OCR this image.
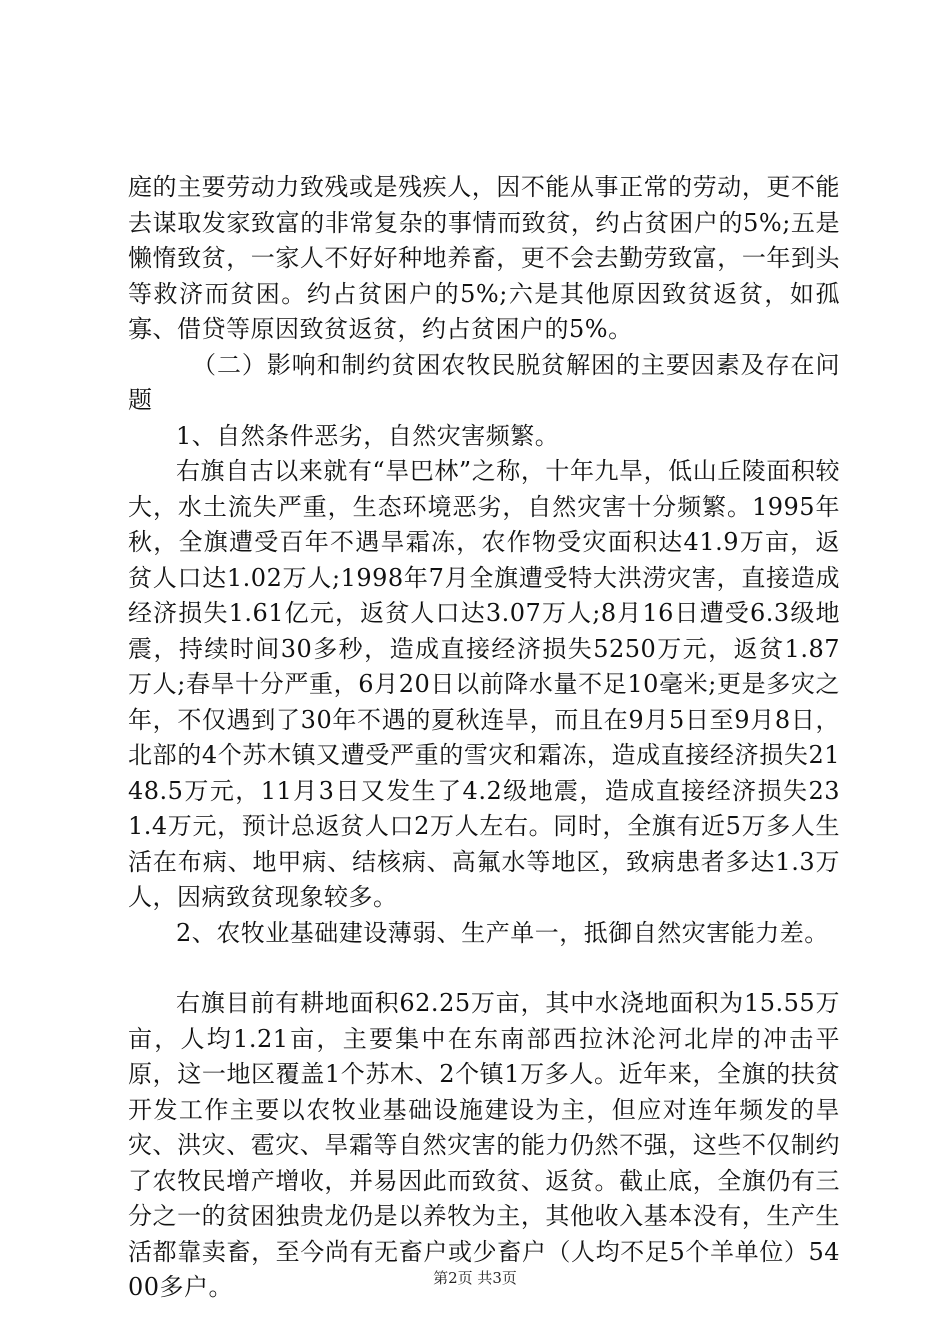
庭的主要劳动力致残或是残疾人，因不能从事正常的劳动，更不能去谋取发家致富的非常复杂的事情而致贫，约占贫困户的5%;五是懒惰致贫，一家人不好好种地养畜，更不会去勤劳致富，一年到头等救济而贫困。约占贫困户的5%;六是其他原因致贫返贫，如孤寡、借贷等原因致贫返贫，约占贫困户的5%。

（二）影响和制约贫困农牧民脱贫解困的主要因素及存在问题

1、自然条件恶劣，自然灾害频繁。

右旗自古以来就有“旱巴林”之称，十年九旱，低山丘陵面积较大，水土流失严重，生态环境恶劣，自然灾害十分频繁。1995年秋，全旗遭受百年不遇旱霜冻，农作物受灾面积达41.9万亩，返贫人口达1.02万人;1998年7月全旗遭受特大洪涝灾害，直接造成经济损失1.61亿元，返贫人口达3.07万人;8月16日遭受6.3级地震，持续时间30多秒，造成直接经济损失5250万元，返贫1.87万人;春旱十分严重，6月20日以前降水量不足10毫米;更是多灾之年，不仅遇到了30年不遇的夏秋连旱，而且在9月5日至9月8日，北部的4个苏木镇又遭受严重的雪灾和霜冻，造成直接经济损失2148.5万元，11月3日又发生了4.2级地震，造成直接经济损失231.4万元，预计总返贫人口2万人左右。同时，全旗有近5万多人生活在布病、地甲病、结核病、高氟水等地区，致病患者多达1.3万人，因病致贫现象较多。

2、农牧业基础建设薄弱、生产单一，抵御自然灾害能力差。

右旗目前有耕地面积62.25万亩，其中水浇地面积为15.55万亩，人均1.21亩，主要集中在东南部西拉沐沦河北岸的冲击平原，这一地区覆盖1个苏木、2个镇1万多人。近年来，全旗的扶贫开发工作主要以农牧业基础设施建设为主，但应对连年频发的旱灾、洪灾、雹灾、旱霜等自然灾害的能力仍然不强，这些不仅制约了农牧民增产增收，并易因此而致贫、返贫。截止底，全旗仍有三分之一的贫困独贵龙仍是以养牧为主，其他收入基本没有，生产生活都靠卖畜，至今尚有无畜户或少畜户（人均不足5个羊单位）5400多户。	第2页 共3页
